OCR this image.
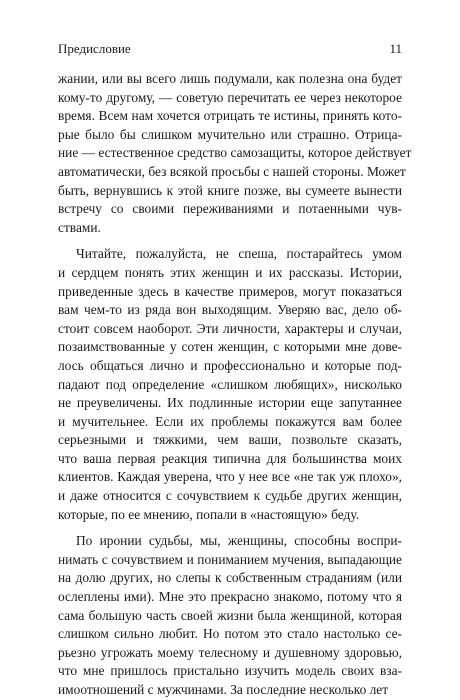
Предисловие	11
жании, или вы всего лишь подумали, как полезна она будет
кому-то другому, — советую перечитать ее через некоторое
время. Всем нам хочется отрицать те истины, принять кото-
рые было бы слишком мучительно или страшно. Отрица-
ние — естественное средство самозащиты, которое действует
автоматически, без всякой просьбы с нашей стороны. Может
быть, вернувшись к этой книге позже, вы сумеете вынести
встречу со своими переживаниями и потаенными чув-
ствами.
Читайте, пожалуйста, не спеша, постарайтесь умом
и сердцем понять этих женщин и их рассказы. Истории,
приведенные здесь в качестве примеров, могут показаться
вам чем-то из ряда вон выходящим. Уверяю вас, дело об-
стоит совсем наоборот. Эти личности, характеры и случаи,
позаимствованные у сотен женщин, с которыми мне дове-
лось общаться лично и профессионально и которые под-
падают под определение «слишком любящих», нисколько
не преувеличены. Их подлинные истории еще запутаннее
и мучительнее. Если их проблемы покажутся вам более
серьезными и тяжкими, чем ваши, позвольте сказать,
что ваша первая реакция типична для большинства моих
клиентов. Каждая уверена, что у нее все «не так уж плохо»,
и даже относится с сочувствием к судьбе других женщин,
которые, по ее мнению, попали в «настоящую» беду.
По иронии судьбы, мы, женщины, способны воспри-
нимать с сочувствием и пониманием мучения, выпадающие
на долю других, но слепы к собственным страданиям (или
ослеплены ими). Мне это прекрасно знакомо, потому что я
сама большую часть своей жизни была женщиной, которая
слишком сильно любит. Но потом это стало настолько се-
рьезно угрожать моему телесному и душевному здоровью,
что мне пришлось пристально изучить модель своих вза-
имоотношений с мужчинами. За последние несколько лет
